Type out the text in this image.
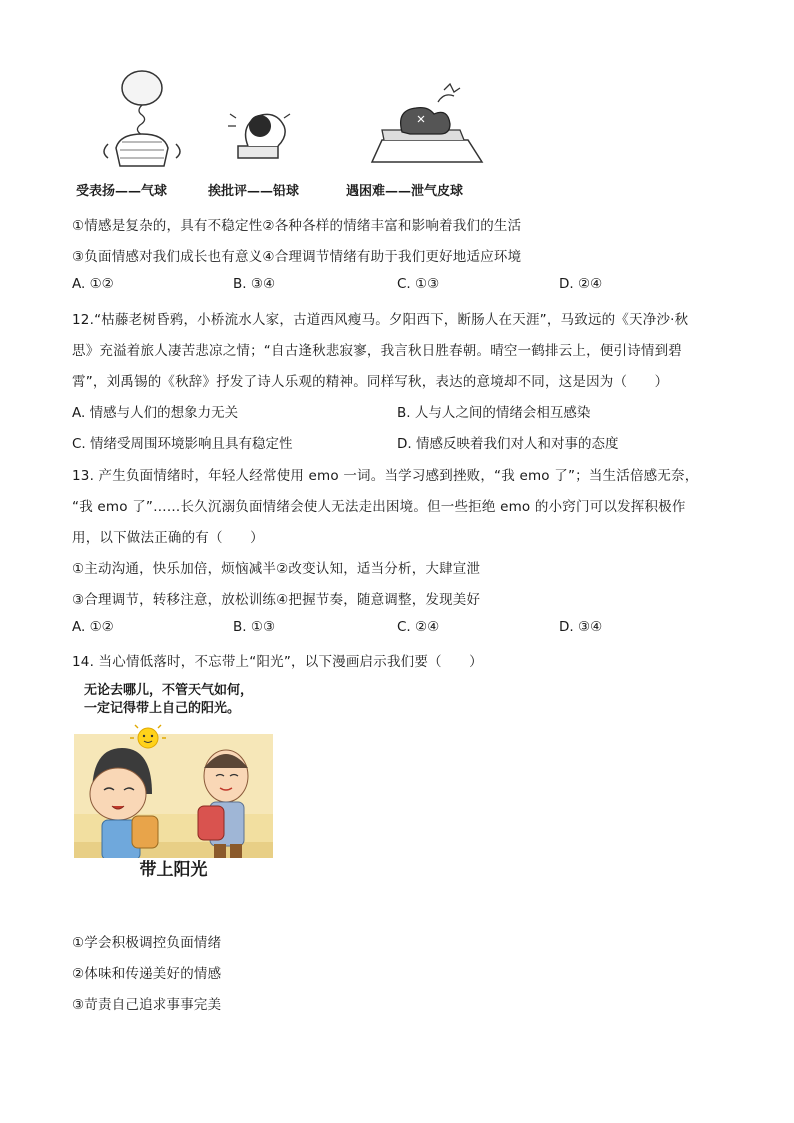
受表扬——气球	挨批评——铅球	遇困难——泄气皮球
①情感是复杂的，具有不稳定性②各种各样的情绪丰富和影响着我们的生活
③负面情感对我们成长也有意义④合理调节情绪有助于我们更好地适应环境
A. ①②	B. ③④	C. ①③	D. ②④
12.“枯藤老树昏鸦，小桥流水人家，古道西风瘦马。夕阳西下，断肠人在天涯”，马致远的《天净沙·秋
思》充溢着旅人凄苦悲凉之情；“自古逢秋悲寂寥，我言秋日胜春朝。晴空一鹤排云上，便引诗情到碧
霄”，刘禹锡的《秋辞》抒发了诗人乐观的精神。同样写秋，表达的意境却不同，这是因为（　　）
A. 情感与人们的想象力无关	B. 人与人之间的情绪会相互感染
C. 情绪受周围环境影响且具有稳定性	D. 情感反映着我们对人和对事的态度
13. 产生负面情绪时，年轻人经常使用 emo 一词。当学习感到挫败，“我 emo 了”；当生活倍感无奈，
“我 emo 了”……长久沉溺负面情绪会使人无法走出困境。但一些拒绝 emo 的小窍门可以发挥积极作
用，以下做法正确的有（　　）
①主动沟通，快乐加倍，烦恼减半②改变认知，适当分析，大肆宣泄
③合理调节，转移注意，放松训练④把握节奏，随意调整，发现美好
A. ①②	B. ①③	C. ②④	D. ③④
14. 当心情低落时，不忘带上“阳光”，以下漫画启示我们要（　　）
无论去哪儿，不管天气如何，
一定记得带上自己的阳光。
带上阳光
①学会积极调控负面情绪
②体味和传递美好的情感
③苛责自己追求事事完美
